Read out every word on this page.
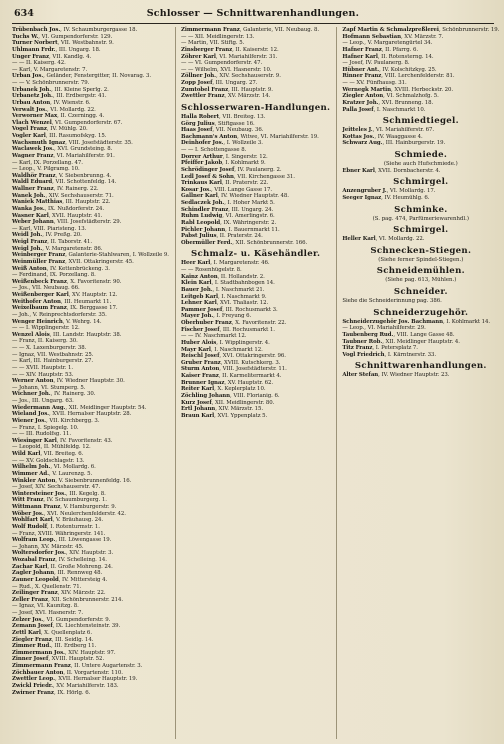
634	Schlosser — Schnittwarenhandlungen.
Trübenbach Jos., IV. Schaumburgergasse 18.
Tuchs W., VI. Gumpendorferstr. 129.
Turner Norbert, VII. Westbahnstr. 9.
Uhlmann Frdr., III. Ungarg. 18.
Unger Franz, VII. Kandlg. 4.
— — II. Kaiserg. 42.
— Karl, V. Margaretenstr. 7.
Urban Jos., Geländer, Fenstergitter, II. Novarag. 3.
— — V. Schönbrunnerstr. 79.
Urbanek Joh., III. Kleine Sperlg. 2.
Urbanetz Joh., III. Erdbergstr. 41.
Urbau Anton, IV. Wienstr. 6.
Verwalt Jos., VI. Mollardg. 22.
Verworner Max, II. Czerningg. 4.
Vlach Wenzel, VI. Gumpendorferstr. 67.
Vogel Franz, IV. Mühlg. 20.
Vogler Karl, III. Rasumofskyg. 15.
Wachsmuth Ignaz, VIII. Josefstädterstr. 35.
Waclawek Jos., XVI. Grundsteing. 8.
Wagner Franz, VI. Mariahilferstr. 91.
— Karl, IX. Porzellang. 47.
— Leop., V. Pilgramg. 10.
Waldhör Franz, V. Siebenbrunng. 4.
Waldl Eduard, VII. Schottenfeldg. 14.
Wallner Franz, IV. Rainerg. 22.
Wanek Joh., XIV. Sechshauserstr. 71.
Waniek Matthias, III. Hauptstr. 22.
Wanka Jos., IX. Nußdorferstr. 24.
Wasner Karl, XVII. Hauptstr. 41.
Weber Johann, VIII. Josefstädterstr. 29.
— Karl, VIII. Piaristeng. 13.
Weidl Joh., IV. Preßg. 20.
Weigl Franz, II. Taborstr. 41.
Weigl Joh., V. Margaretenstr. 86.
Weinberger Franz, Galanterie-Stahlwaren, I. Wollzeile 9.
Weinmüller Franz, XVII. Ottakringerstr. 45.
Weiß Anton, IV. Kettenbrückeng. 3.
— Ferdinand, IX. Porzellang. 8.
Weißenbeck Franz, X. Favoritenstr. 90.
— Jos., VII. Neubaug. 66.
Weißenberger Karl, XV. Hauptstr. 12.
Weithofer Anton, III. Heumarkt 11.
Weixelbaum Franz, IX. Berggasse 17.
— Joh., V. Reinprechtsdorferstr. 35.
Wenger Heinrich, V. Wehrg. 14.
— — I. Wipplingerstr. 12.
Wenzel Alois, III. Landstr. Hauptstr. 38.
— Franz, II. Kaiserg. 30.
— — X. Laxenburgerstr. 38.
— Ignaz, VII. Westbahnstr. 25.
— Karl, III. Hainburgerstr. 27.
— — XVII. Hauptstr. 1.
— — XIV. Hauptstr. 53.
Werner Anton, IV. Wiedner Hauptstr. 30.
— Johann, VI. Stumperg. 5.
Wichner Joh., IV. Rainerg. 30.
— Jos., III. Ungarg. 63.
Wiedermann Aug., XII. Meidlinger Hauptstr. 54.
Wieland Jos., XVII. Hernalser Hauptstr. 28.
Wiener Jos., VII. Kirchbergg. 3.
— Franz, I. Spiegelg. 10.
— — III. Rudolfsg. 11.
Wiesinger Karl, IV. Favoritenstr. 43.
— Leopold, II. Mühlfeldg. 12.
Wild Karl, VII. Breiteg. 6.
— — XV. Goldschlagstr. 13.
Wilhelm Joh., VI. Mollardg. 6.
Wimmer Ad., V. Laurenzg. 5.
Winkler Anton, V. Siebenbrunnenfeldg. 16.
— Josef, XIV. Sechshauserstr. 47.
Wintersteiner Jos., III. Kegelg. 8.
Witt Franz, IV. Schaumburgerg. 1.
Wittmann Franz, V. Hamburgerstr. 9.
Wöber Jos., XVI. Neulerchenfelderstr. 42.
Wohlfart Karl, V. Bräuhausg. 24.
Wolf Rudolf, I. Rotenturmstr. 1.
— Franz, XVIII. Währingerstr. 141.
Wolfram Leop., III. Löwengasse 19.
— Johann, XV. Märzstr. 45.
Woltersdorfer Jos., XIV. Hauptstr. 3.
Wozabal Franz, IV. Schelleing. 14.
Zachar Karl, II. Große Mohreng. 24.
Zagler Johann, III. Rennweg 48.
Zauner Leopold, IV. Mittersteig 4.
— Rud., X. Quellenstr. 71.
Zeilinger Franz, XIV. Märzstr. 22.
Zeller Franz, XII. Schönbrunnerstr. 214.
— Ignaz, VI. Kaunitzg. 8.
— Josef, XVI. Hasnerstr. 7.
Zelzer Jos., VI. Gumpendorferstr. 9.
Zemann Josef, IX. Liechtensteinstr. 39.
Zettl Karl, X. Quellenplatz 6.
Ziegler Franz, III. Seidlg. 14.
Zimmer Rud., III. Erdberg 11.
Zimmermann Jos., XIV. Hauptstr. 97.
Zinner Josef, XVIII. Hauptstr. 52.
Zimmermann Franz, II. Untere Augartenstr. 3.
Zöchbauer Anton, II. Vorgartenstr. 110.
Zwettler Leop., XVII. Hernalser Hauptstr. 19.
Zwickl Friedr., XV. Mariahilferstr. 183.
Zwirner Franz, IX. Hörlg. 6.
Zimmermann Franz, Galanterie, VII. Neubaug. 8.
— — XII. Meidlingerstr. 13.
— Martin, VII. Stiftg. 5.
Zinsberger Franz, II. Kaiserstr. 12.
Zöhrer Karl, VI. Mariahilferstr. 31.
— — VI. Gumpendorferstr. 47.
— — Wilhelm, XVI. Hasnerstr. 10.
Zöllner Joh., XIV. Sechshauserstr. 9.
Zopp Josef, III. Ungarg. 27.
Zumtobel Franz, III. Hauptstr. 9.
Zwettler Franz, XV. Märzstr. 14.
Schlosserwaren-Handlungen.
Halla Robert, VII. Breiteg. 13.
Görg Julius, Stiftgasse 16.
Haas Josef, VII. Neubaug. 36.
Bachmann's Anton, Witwe, VI. Mariahilferstr. 19.
Deinhofer Jos., I. Wollzeile 3.
— — I. Schottengasse 8.
Dorrer Arthur, I. Singerstr. 12.
Pfeiffer Jakob, I. Kohlmarkt 9.
Schrödinger Josef, IV. Paulanerg. 2.
Ledl Josef & Sohn, VII. Kirchengasse 31.
Trinkaus Karl, II. Praterstr. 22.
Kosar Jos., VIII. Lange Gasse 17.
Gallner Karl, IV. Wiedner Hauptstr. 48.
Sedlaczek Joh., I. Hoher Markt 5.
Schindler Franz, III. Ungarg. 24.
Ruhm Ludwig, VI. Amerlingstr. 6.
Rabl Leopold, IX. Währingerstr. 2.
Pichler Johann, I. Bauernmarkt 11.
Pabst Julius, II. Praterstr. 24.
Obermüller Ferd., XII. Schönbrunnerstr. 166.
Schmalz- u. Käsehändler.
Heer Karl, I. Margaretenstr. 46.
— — Rosenhügelstr. 8.
Kainz Anton, II. Hollandstr. 2.
Klein Karl, I. Stadtbahnbogen 14.
Bauer Joh., I. Naschmarkt 21.
Leitgeb Karl, I. Naschmarkt 9.
Lehner Karl, XVI. Thaliastr. 12.
Pammer Josef, III. Rochusmarkt 3.
Mayer Joh., I. Freyung 6.
Oberhuber Franz, X. Favoritenstr. 22.
Fischer Josef, III. Rochusmarkt 1.
— — IV. Naschmarkt 12.
Huber Alois, I. Wipplingerstr. 4.
Mayr Karl, I. Naschmarkt 12.
Reischl Josef, XVI. Ottakringerstr. 96.
Gruber Franz, XVIII. Kutschkerg. 3.
Sturm Anton, VIII. Josefstädterstr. 11.
Kaiser Franz, II. Karmelitermarkt 4.
Brunner Ignaz, XV. Hauptstr. 62.
Reiter Karl, X. Keplerplatz 10.
Zöchling Johann, VIII. Florianig. 6.
Kurz Josef, XII. Meidlingerstr. 80.
Ertl Johann, XIV. Märzstr. 15.
Braun Karl, XVI. Yppenplatz 5.
Zapf Martin & Schmalzpreßlerei, Schönbrunnerstr. 19.
Hofmann Sebastian, XV. Märzstr. 7.
— Leop., V. Margaretengürtel 34.
Hafner Franz, II. Pfarrg. 6.
Hafner Karl, II. Rotensterng. 14.
— Josef, IV. Paulanerg. 8.
Hübner Ant., IV. Kolschitzkyg. 25.
Rinner Franz, VIII. Lerchenfelderstr. 81.
— — XV. Fünfhausg. 31.
Wernegk Martin, XVIII. Herbeckstr. 20.
Ziegler Anton, VI. Schmalzhofg. 5.
Kratzer Joh., XVI. Brunneng. 18.
Palla Josef, I. Naschmarkt 10.
Schmiedtiegel.
Jeitteles J., VI. Mariahilferstr. 67.
Kottas Jos., IV. Waaggasse 4.
Schwarz Aug., III. Hainburgerstr. 19.
Schmiede.
(Siehe auch Hufschmiede.)
Ebner Karl, XVII. Dornbacherstr. 4.
Schmirgel.
Anzengruber J., VI. Mollardg. 17.
Seeger Ignaz, IV. Heumühlg. 6.
Schminke.
(S. pag. 474, Parfümeriewarenhdl.)
Schmirgel.
Heller Karl, VI. Mollardg. 22.
Schnecken-Stiegen.
(Siehe ferner Spindel-Stiegen.)
Schneidemühlen.
(Siehe pag. 613, Mühlen.)
Schneider.
Siehe die Schneiderinnung pag. 386.
Schneiderzugehör.
Schneiderzugehör Jos. Bachmann, I. Kohlmarkt 14.
— Leop., VI. Mariahilferstr. 29.
Taubenberg Rud., VIII. Lange Gasse 48.
Taubner Rob., XII. Meidlinger Hauptstr. 4.
Titz Franz, I. Petersplatz 7.
Vogl Friedrich, I. Kärntnerstr. 33.
Schnittwarenhandlungen.
Alter Stefan, IV. Wiedner Hauptstr. 23.
